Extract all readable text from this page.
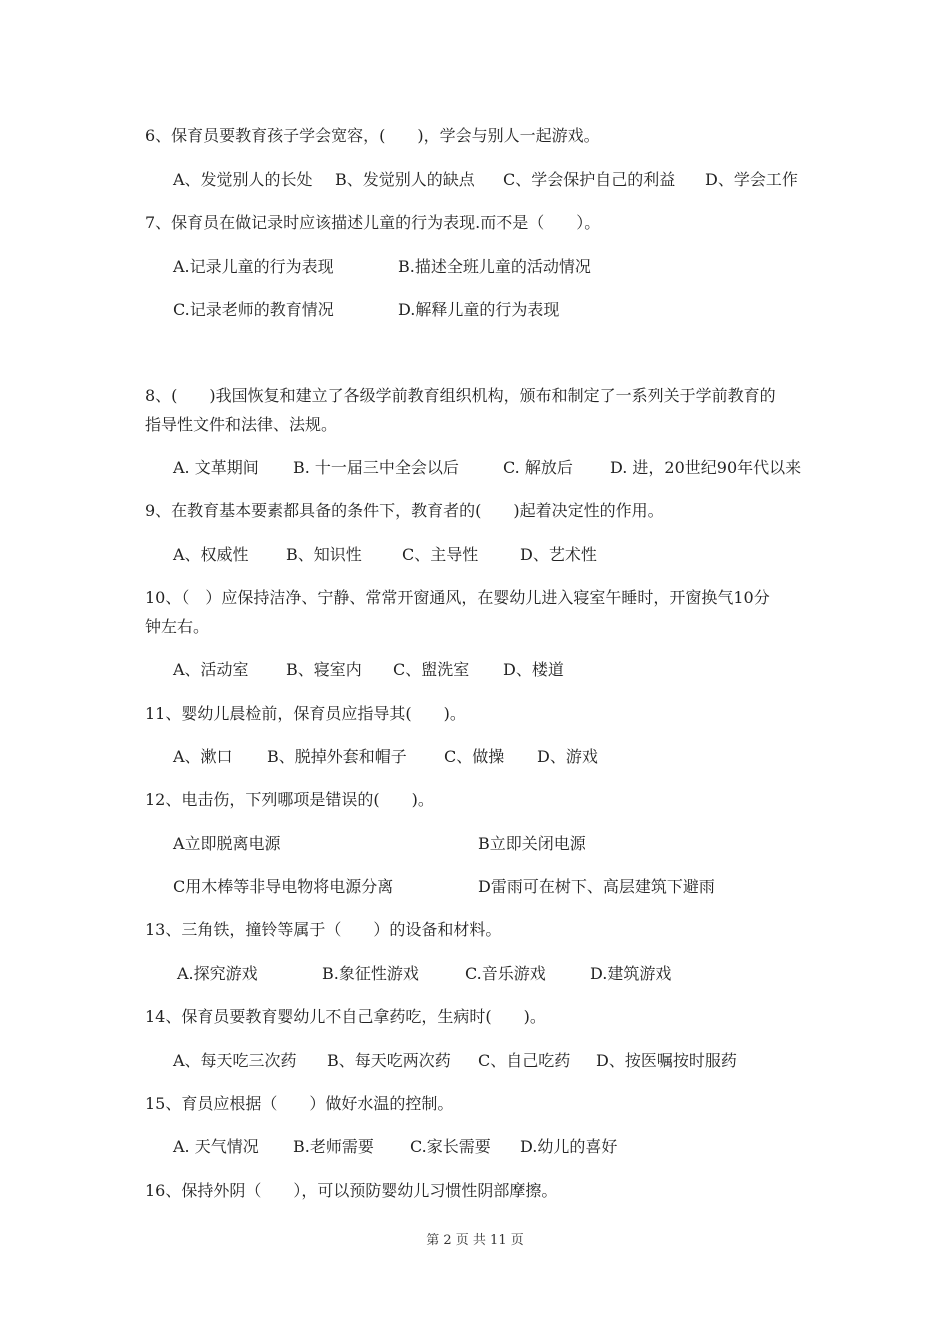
6、保育员要教育孩子学会宽容，(　　)，学会与别人一起游戏。
A、发觉别人的长处 B、发觉别人的缺点 C、学会保护自己的利益 D、学会工作
7、保育员在做记录时应该描述儿童的行为表现.而不是（　　）。
A.记录儿童的行为表现	B.描述全班儿童的活动情况
C.记录老师的教育情况	D.解释儿童的行为表现
8、(　　)我国恢复和建立了各级学前教育组织机构，颁布和制定了一系列关于学前教育的
指导性文件和法律、法规。
A. 文革期间 B. 十一届三中全会以后	C. 解放后 D. 进，20世纪90年代以来
9、在教育基本要素都具备的条件下，教育者的(　　)起着决定性的作用。
A、权威性 B、知识性	C、主导性	D、艺术性
10、（　）应保持洁净、宁静、常常开窗通风，在婴幼儿进入寝室午睡时，开窗换气10分
钟左右。
A、活动室 B、寝室内 C、盥洗室 D、楼道
11、婴幼儿晨检前，保育员应指导其(　　)。
A、漱口 B、脱掉外套和帽子 C、做操 D、游戏
12、电击伤，下列哪项是错误的(　　)。
A立即脱离电源	B立即关闭电源
C用木棒等非导电物将电源分离	D雷雨可在树下、高层建筑下避雨
13、三角铁，撞铃等属于（　　）的设备和材料。
A.探究游戏	B.象征性游戏	C.音乐游戏	D.建筑游戏
14、保育员要教育婴幼儿不自己拿药吃，生病时(　　)。
A、每天吃三次药 B、每天吃两次药 C、自己吃药 D、按医嘱按时服药
15、育员应根据（　　）做好水温的控制。
A. 天气情况 B.老师需要 C.家长需要 D.幼儿的喜好
16、保持外阴（　　），可以预防婴幼儿习惯性阴部摩擦。
第 2 页 共 11 页
